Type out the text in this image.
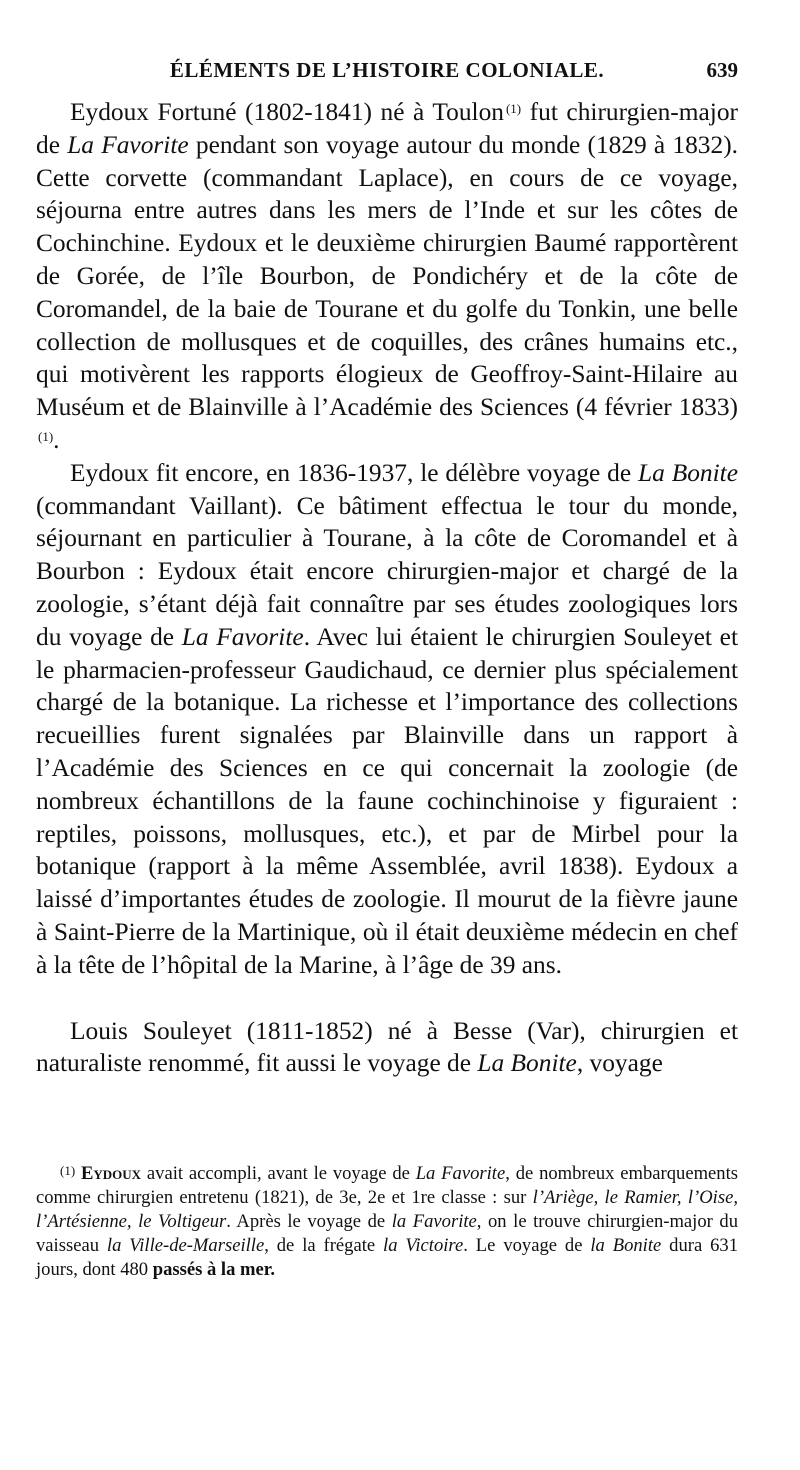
ÉLÉMENTS DE L’HISTOIRE COLONIALE.	639

Eydoux Fortuné (1802-1841) né à Toulon $^{(1)}$ fut chirurgien-major de La Favorite pendant son voyage autour du monde (1829 à 1832). Cette corvette (commandant Laplace), en cours de ce voyage, séjourna entre autres dans les mers de l’Inde et sur les côtes de Cochinchine. Eydoux et le deuxième chirurgien Baumé rapportèrent de Gorée, de l’île Bourbon, de Pondichéry et de la côte de Coromandel, de la baie de Tourane et du golfe du Tonkin, une belle collection de mollusques et de coquilles, des crânes humains etc., qui motivèrent les rapports élogieux de Geoffroy-Saint-Hilaire au Muséum et de Blainville à l’Académie des Sciences (4 février 1833)$^{(1)}$.

Eydoux fit encore, en 1836-1937, le délèbre voyage de La Bonite (commandant Vaillant). Ce bâtiment effectua le tour du monde, séjournant en particulier à Tourane, à la côte de Coromandel et à Bourbon : Eydoux était encore chirurgien-major et chargé de la zoologie, s’étant déjà fait connaître par ses études zoologiques lors du voyage de La Favorite. Avec lui étaient le chirurgien Souleyet et le pharmacien-professeur Gaudichaud, ce dernier plus spécialement chargé de la botanique. La richesse et l’importance des collections recueillies furent signalées par Blainville dans un rapport à l’Académie des Sciences en ce qui concernait la zoologie (de nombreux échantillons de la faune cochinchinoise y figuraient : reptiles, poissons, mollusques, etc.), et par de Mirbel pour la botanique (rapport à la même Assemblée, avril 1838). Eydoux a laissé d’importantes études de zoologie. Il mourut de la fièvre jaune à Saint-Pierre de la Martinique, où il était deuxième médecin en chef à la tête de l’hôpital de la Marine, à l’âge de 39 ans.

Louis Souleyet (1811-1852) né à Besse (Var), chirurgien et naturaliste renommé, fit aussi le voyage de La Bonite, voyage

$^{(1)}$ Eydoux avait accompli, avant le voyage de La Favorite, de nombreux embarquements comme chirurgien entretenu (1821), de 3e, 2e et 1re classe : sur l’Ariège, le Ramier, l’Oise, l’Artésienne, le Voltigeur. Après le voyage de la Favorite, on le trouve chirurgien-major du vaisseau la Ville-de-Marseille, de la frégate la Victoire. Le voyage de la Bonite dura 631 jours, dont 480 passés à la mer.
